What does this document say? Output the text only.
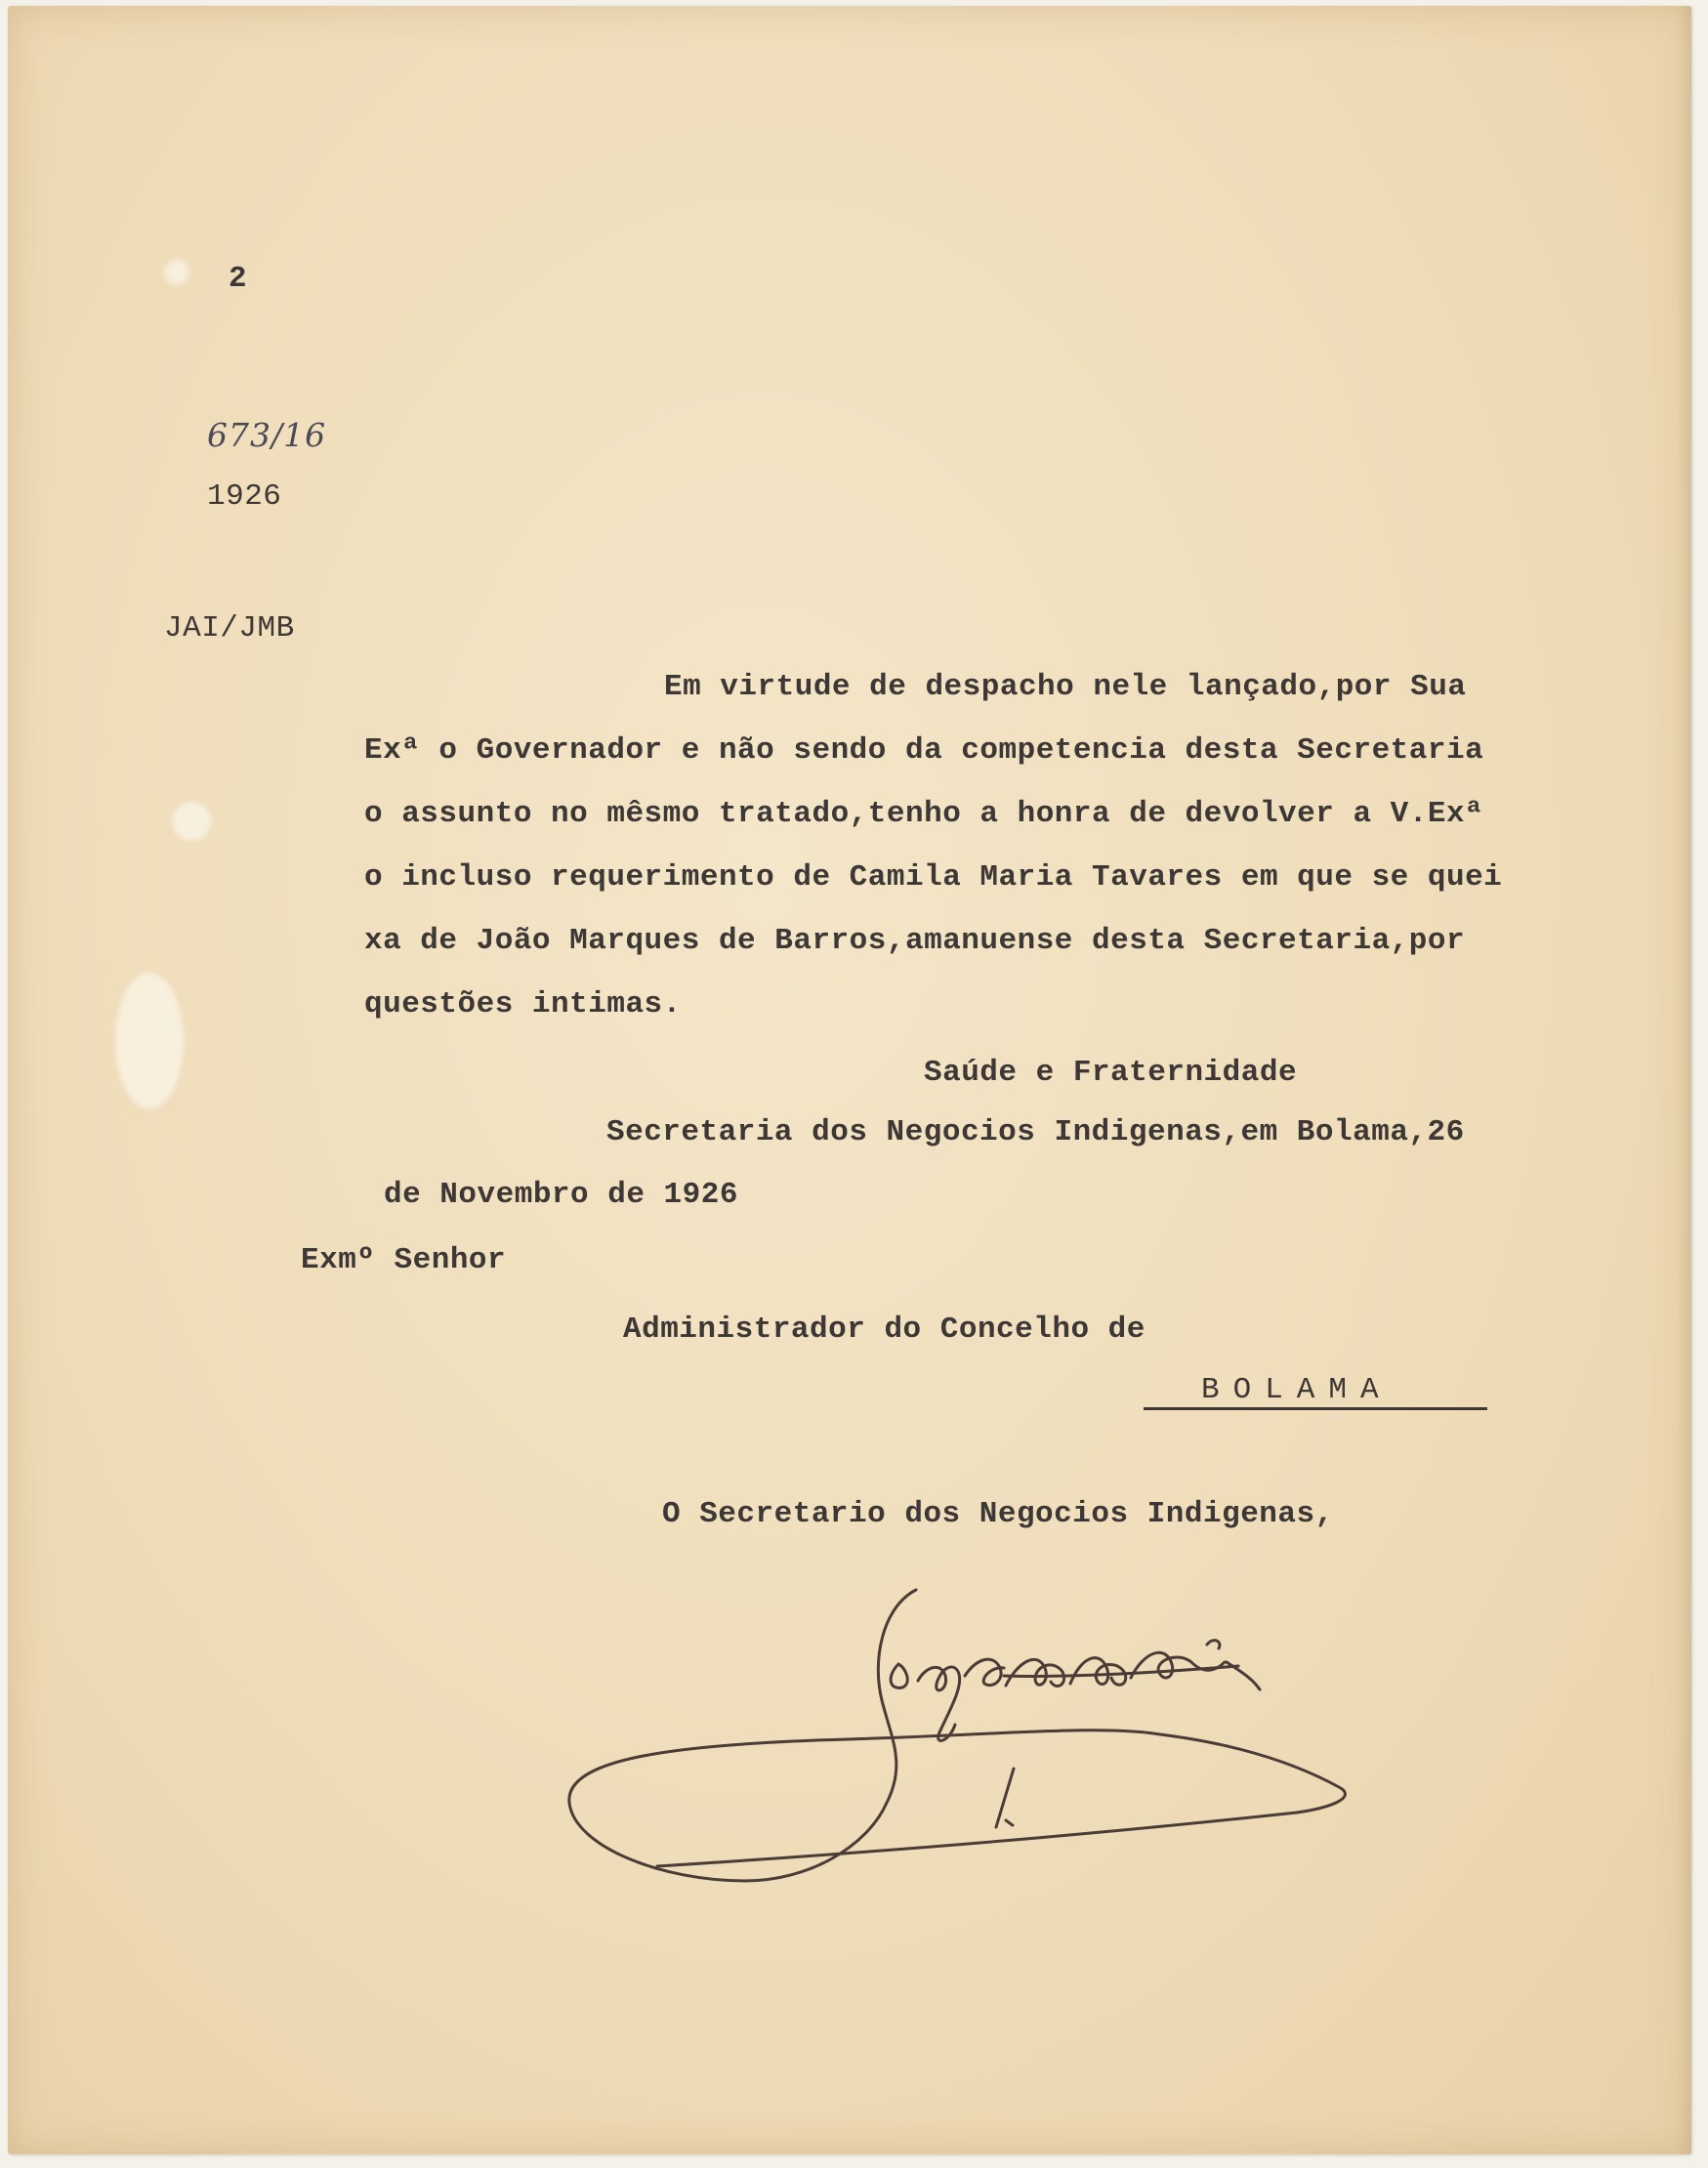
2
673/16
1926
JAI/JMB
Em virtude de despacho nele lançado,por Sua
Exª o Governador e não sendo da competencia desta Secretaria
o assunto no mêsmo tratado,tenho a honra de devolver a V.Exª
o incluso requerimento de Camila Maria Tavares em que se quei
xa de João Marques de Barros,amanuense desta Secretaria,por
questões intimas.
Saúde e Fraternidade
Secretaria dos Negocios Indigenas,em Bolama,26
de Novembro de 1926
Exmº Senhor
Administrador do Concelho de
BOLAMA
O Secretario dos Negocios Indigenas,
